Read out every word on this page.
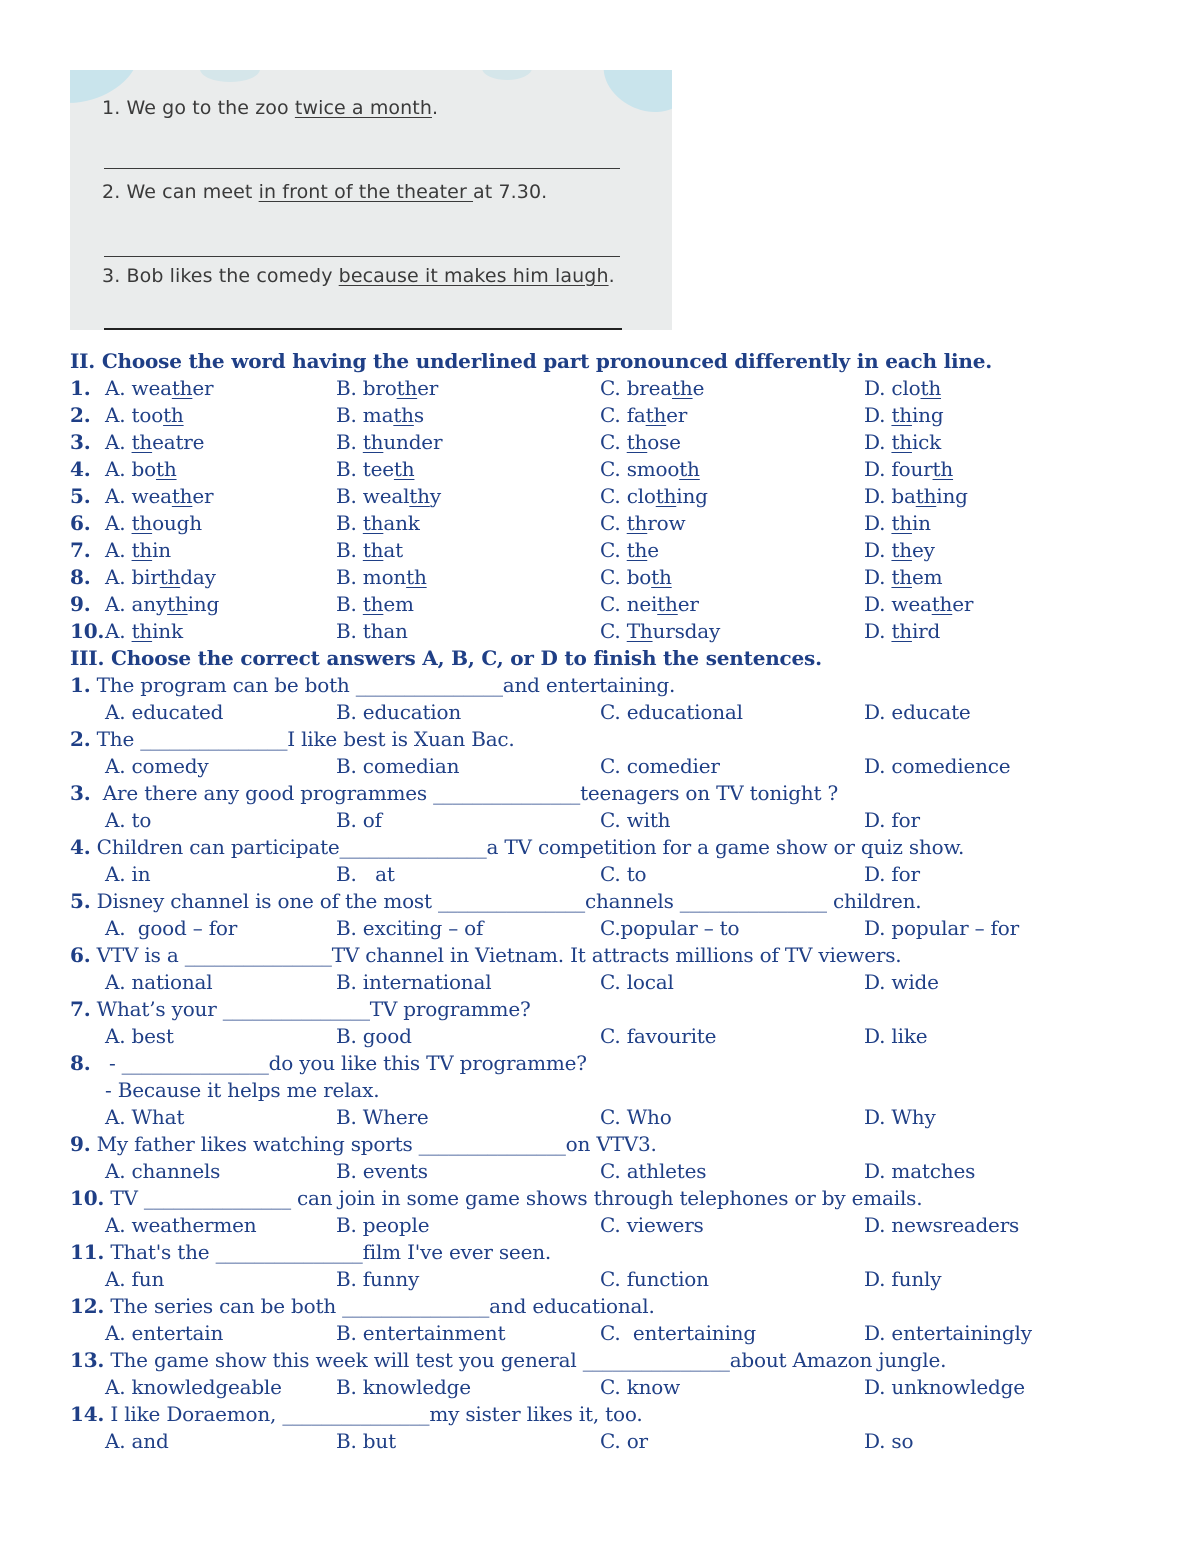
1. We go to the zoo twice a month.
2. We can meet in front of the theater at 7.30.
3. Bob likes the comedy because it makes him laugh.
II. Choose the word having the underlined part pronounced differently in each line.
1. A. weather	B. brother	C. breathe	D. cloth
2. A. tooth	B. maths	C. father	D. thing
3. A. theatre	B. thunder	C. those	D. thick
4. A. both	B. teeth	C. smooth	D. fourth
5. A. weather	B. wealthy	C. clothing	D. bathing
6. A. though	B. thank	C. throw	D. thin
7. A. thin	B. that	C. the	D. they
8. A. birthday	B. month	C. both	D. them
9. A. anything	B. them	C. neither	D. weather
10. A. think	B. than	C. Thursday	D. third
III. Choose the correct answers A, B, C, or D to finish the sentences.
1. The program can be both _______________and entertaining.
A. educated	B. education	C. educational	D. educate
2. The _______________I like best is Xuan Bac.
A. comedy	B. comedian	C. comedier	D. comedience
3.  Are there any good programmes _______________teenagers on TV tonight ?
A. to	B. of	C. with	D. for
4. Children can participate_______________a TV competition for a game show or quiz show.
A. in	B.   at	C. to	D. for
5. Disney channel is one of the most _______________channels _______________ children.
A.  good – for	B. exciting – of	C.popular – to	D. popular – for
6. VTV is a _______________TV channel in Vietnam. It attracts millions of TV viewers.
A. national	B. international	C. local	D. wide
7. What’s your _______________TV programme?
A. best	B. good	C. favourite	D. like
8.   - _______________do you like this TV programme?
- Because it helps me relax.
A. What	B. Where	C. Who	D. Why
9. My father likes watching sports _______________on VTV3.
A. channels	B. events	C. athletes	D. matches
10. TV _______________ can join in some game shows through telephones or by emails.
A. weathermen	B. people	C. viewers	D. newsreaders
11. That's the _______________film I've ever seen.
A. fun	B. funny	C. function	D. funly
12. The series can be both _______________and educational.
A. entertain	B. entertainment	C.  entertaining	D. entertainingly
13. The game show this week will test you general _______________about Amazon jungle.
A. knowledgeable	B. knowledge	C. know	D. unknowledge
14. I like Doraemon, _______________my sister likes it, too.
A. and	B. but	C. or	D. so
